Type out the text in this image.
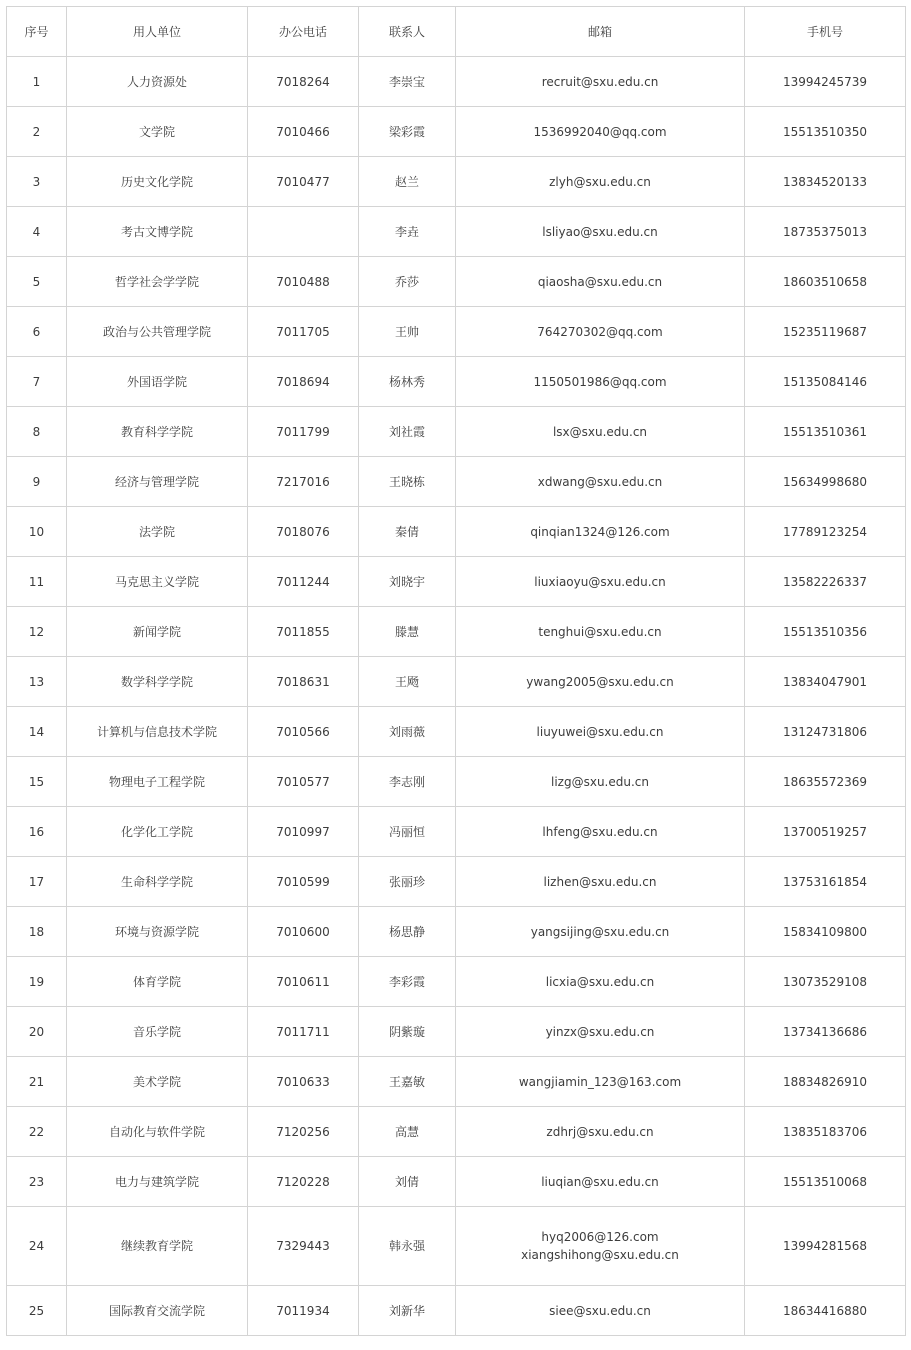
序号	用人单位	办公电话	联系人	邮箱	手机号
1	人力资源处	7018264	李崇宝	recruit@sxu.edu.cn	13994245739
2	文学院	7010466	梁彩霞	1536992040@qq.com	15513510350
3	历史文化学院	7010477	赵兰	zlyh@sxu.edu.cn	13834520133
4	考古文博学院		李垚	lsliyao@sxu.edu.cn	18735375013
5	哲学社会学学院	7010488	乔莎	qiaosha@sxu.edu.cn	18603510658
6	政治与公共管理学院	7011705	王帅	764270302@qq.com	15235119687
7	外国语学院	7018694	杨林秀	1150501986@qq.com	15135084146
8	教育科学学院	7011799	刘社霞	lsx@sxu.edu.cn	15513510361
9	经济与管理学院	7217016	王晓栋	xdwang@sxu.edu.cn	15634998680
10	法学院	7018076	秦倩	qinqian1324@126.com	17789123254
11	马克思主义学院	7011244	刘晓宇	liuxiaoyu@sxu.edu.cn	13582226337
12	新闻学院	7011855	滕慧	tenghui@sxu.edu.cn	15513510356
13	数学科学学院	7018631	王飏	ywang2005@sxu.edu.cn	13834047901
14	计算机与信息技术学院	7010566	刘雨薇	liuyuwei@sxu.edu.cn	13124731806
15	物理电子工程学院	7010577	李志刚	lizg@sxu.edu.cn	18635572369
16	化学化工学院	7010997	冯丽恒	lhfeng@sxu.edu.cn	13700519257
17	生命科学学院	7010599	张丽珍	lizhen@sxu.edu.cn	13753161854
18	环境与资源学院	7010600	杨思静	yangsijing@sxu.edu.cn	15834109800
19	体育学院	7010611	李彩霞	licxia@sxu.edu.cn	13073529108
20	音乐学院	7011711	阴紫璇	yinzx@sxu.edu.cn	13734136686
21	美术学院	7010633	王嘉敏	wangjiamin_123@163.com	18834826910
22	自动化与软件学院	7120256	高慧	zdhrj@sxu.edu.cn	13835183706
23	电力与建筑学院	7120228	刘倩	liuqian@sxu.edu.cn	15513510068
24	继续教育学院	7329443	韩永强	hyq2006@126.com
xiangshihong@sxu.edu.cn	13994281568
25	国际教育交流学院	7011934	刘新华	siee@sxu.edu.cn	18634416880
